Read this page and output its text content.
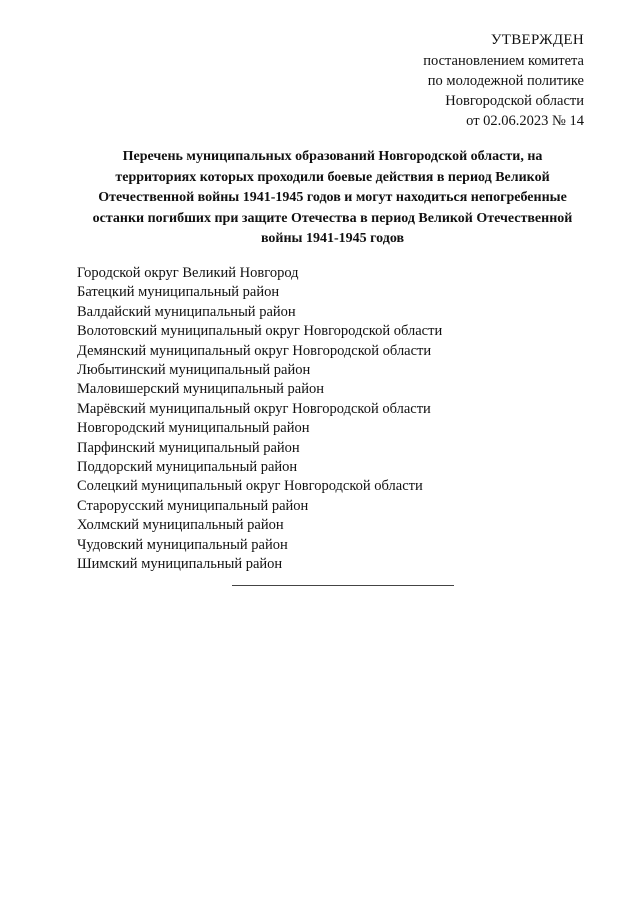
УТВЕРЖДЕН
постановлением комитета
по молодежной политике
Новгородской области
от 02.06.2023 № 14
Перечень муниципальных образований Новгородской области, на
территориях которых проходили боевые действия в период Великой
Отечественной войны 1941-1945 годов и могут находиться непогребенные
останки погибших при защите Отечества в период Великой Отечественной
войны 1941-1945 годов
Городской округ Великий Новгород
Батецкий муниципальный район
Валдайский муниципальный район
Волотовский муниципальный округ Новгородской области
Демянский муниципальный округ Новгородской области
Любытинский муниципальный район
Маловишерский муниципальный район
Марёвский муниципальный округ Новгородской области
Новгородский муниципальный район
Парфинский муниципальный район
Поддорский муниципальный район
Солецкий муниципальный округ Новгородской области
Старорусский муниципальный район
Холмский муниципальный район
Чудовский муниципальный район
Шимский муниципальный район
